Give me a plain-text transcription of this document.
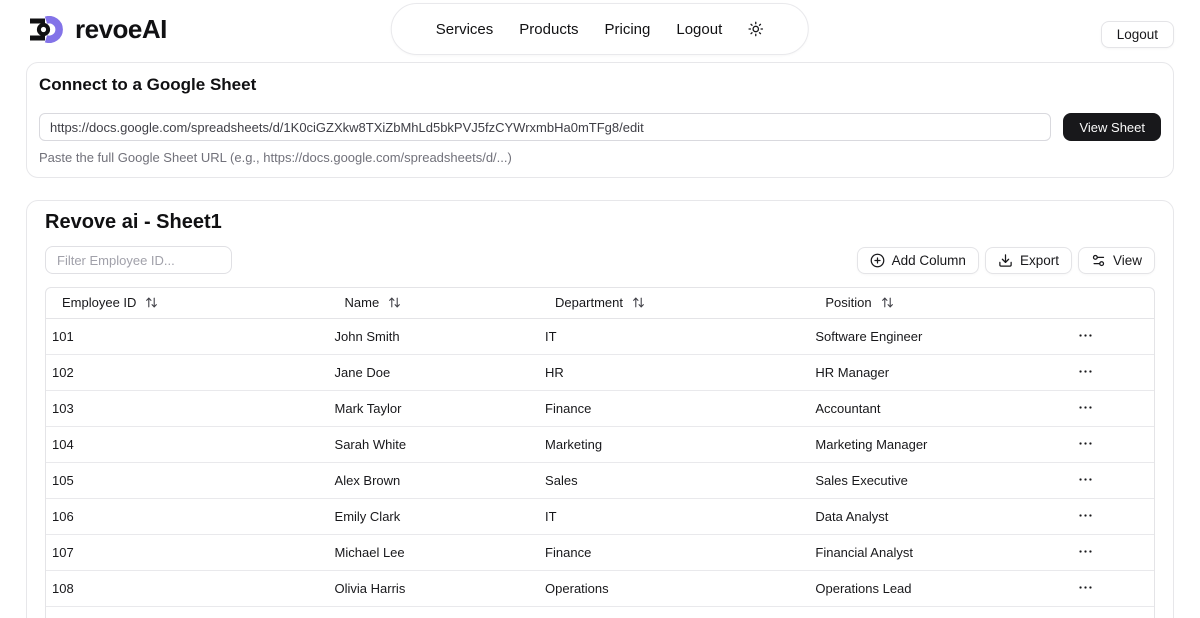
revoeAI	Services Products Pricing Logout	Logout
Connect to a Google Sheet
https://docs.google.com/spreadsheets/d/1K0ciGZXkw8TXiZbMhLd5bkPVJ5fzCYWrxmbHa0mTFg8/edit
View Sheet
Paste the full Google Sheet URL (e.g., https://docs.google.com/spreadsheets/d/...)
Revove ai - Sheet1
Filter Employee ID...
Add Column	Export	View
Employee ID	Name	Department	Position	

101	John Smith	IT	Software Engineer	

102	Jane Doe	HR	HR Manager	

103	Mark Taylor	Finance	Accountant	

104	Sarah White	Marketing	Marketing Manager	

105	Alex Brown	Sales	Sales Executive	

106	Emily Clark	IT	Data Analyst	

107	Michael Lee	Finance	Financial Analyst	

108	Olivia Harris	Operations	Operations Lead	
